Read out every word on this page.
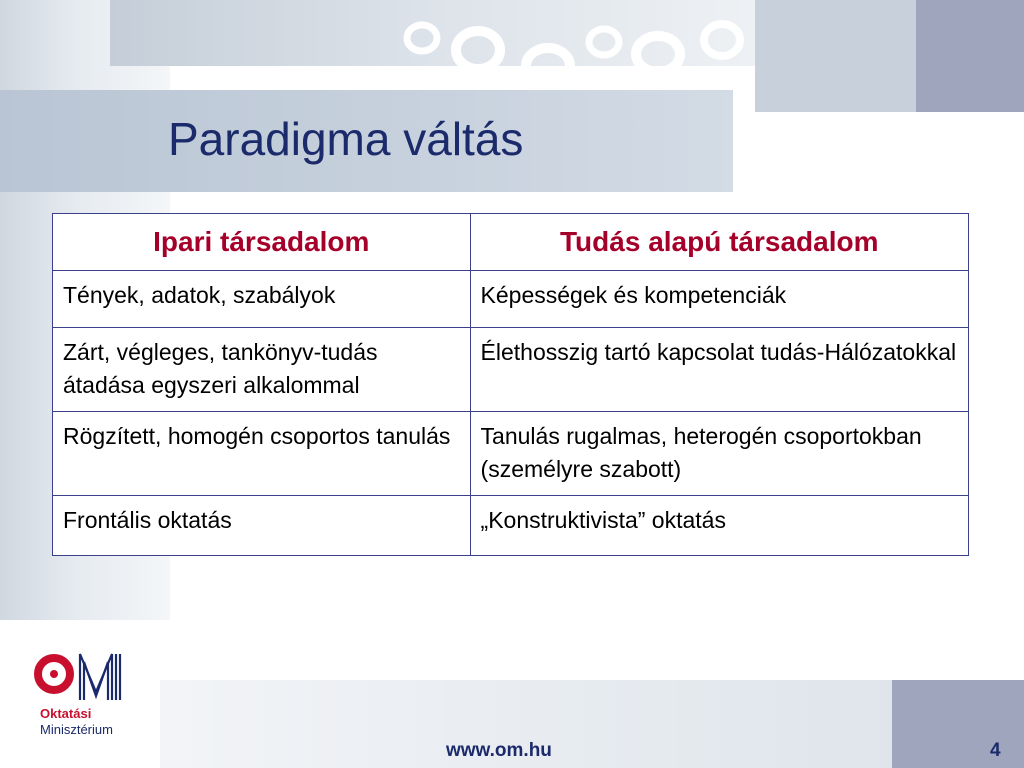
Paradigma váltás
Ipari társadalom	Tudás alapú társadalom
Tények, adatok, szabályok	Képességek és kompetenciák
Zárt, végleges, tankönyv-tudás átadása egyszeri alkalommal	Élethosszig tartó kapcsolat tudás-Hálózatokkal
Rögzített, homogén csoportos tanulás	Tanulás rugalmas, heterogén csoportokban (személyre szabott)
Frontális oktatás	„Konstruktivista” oktatás

Oktatási

Minisztérium

www.om.hu	4
